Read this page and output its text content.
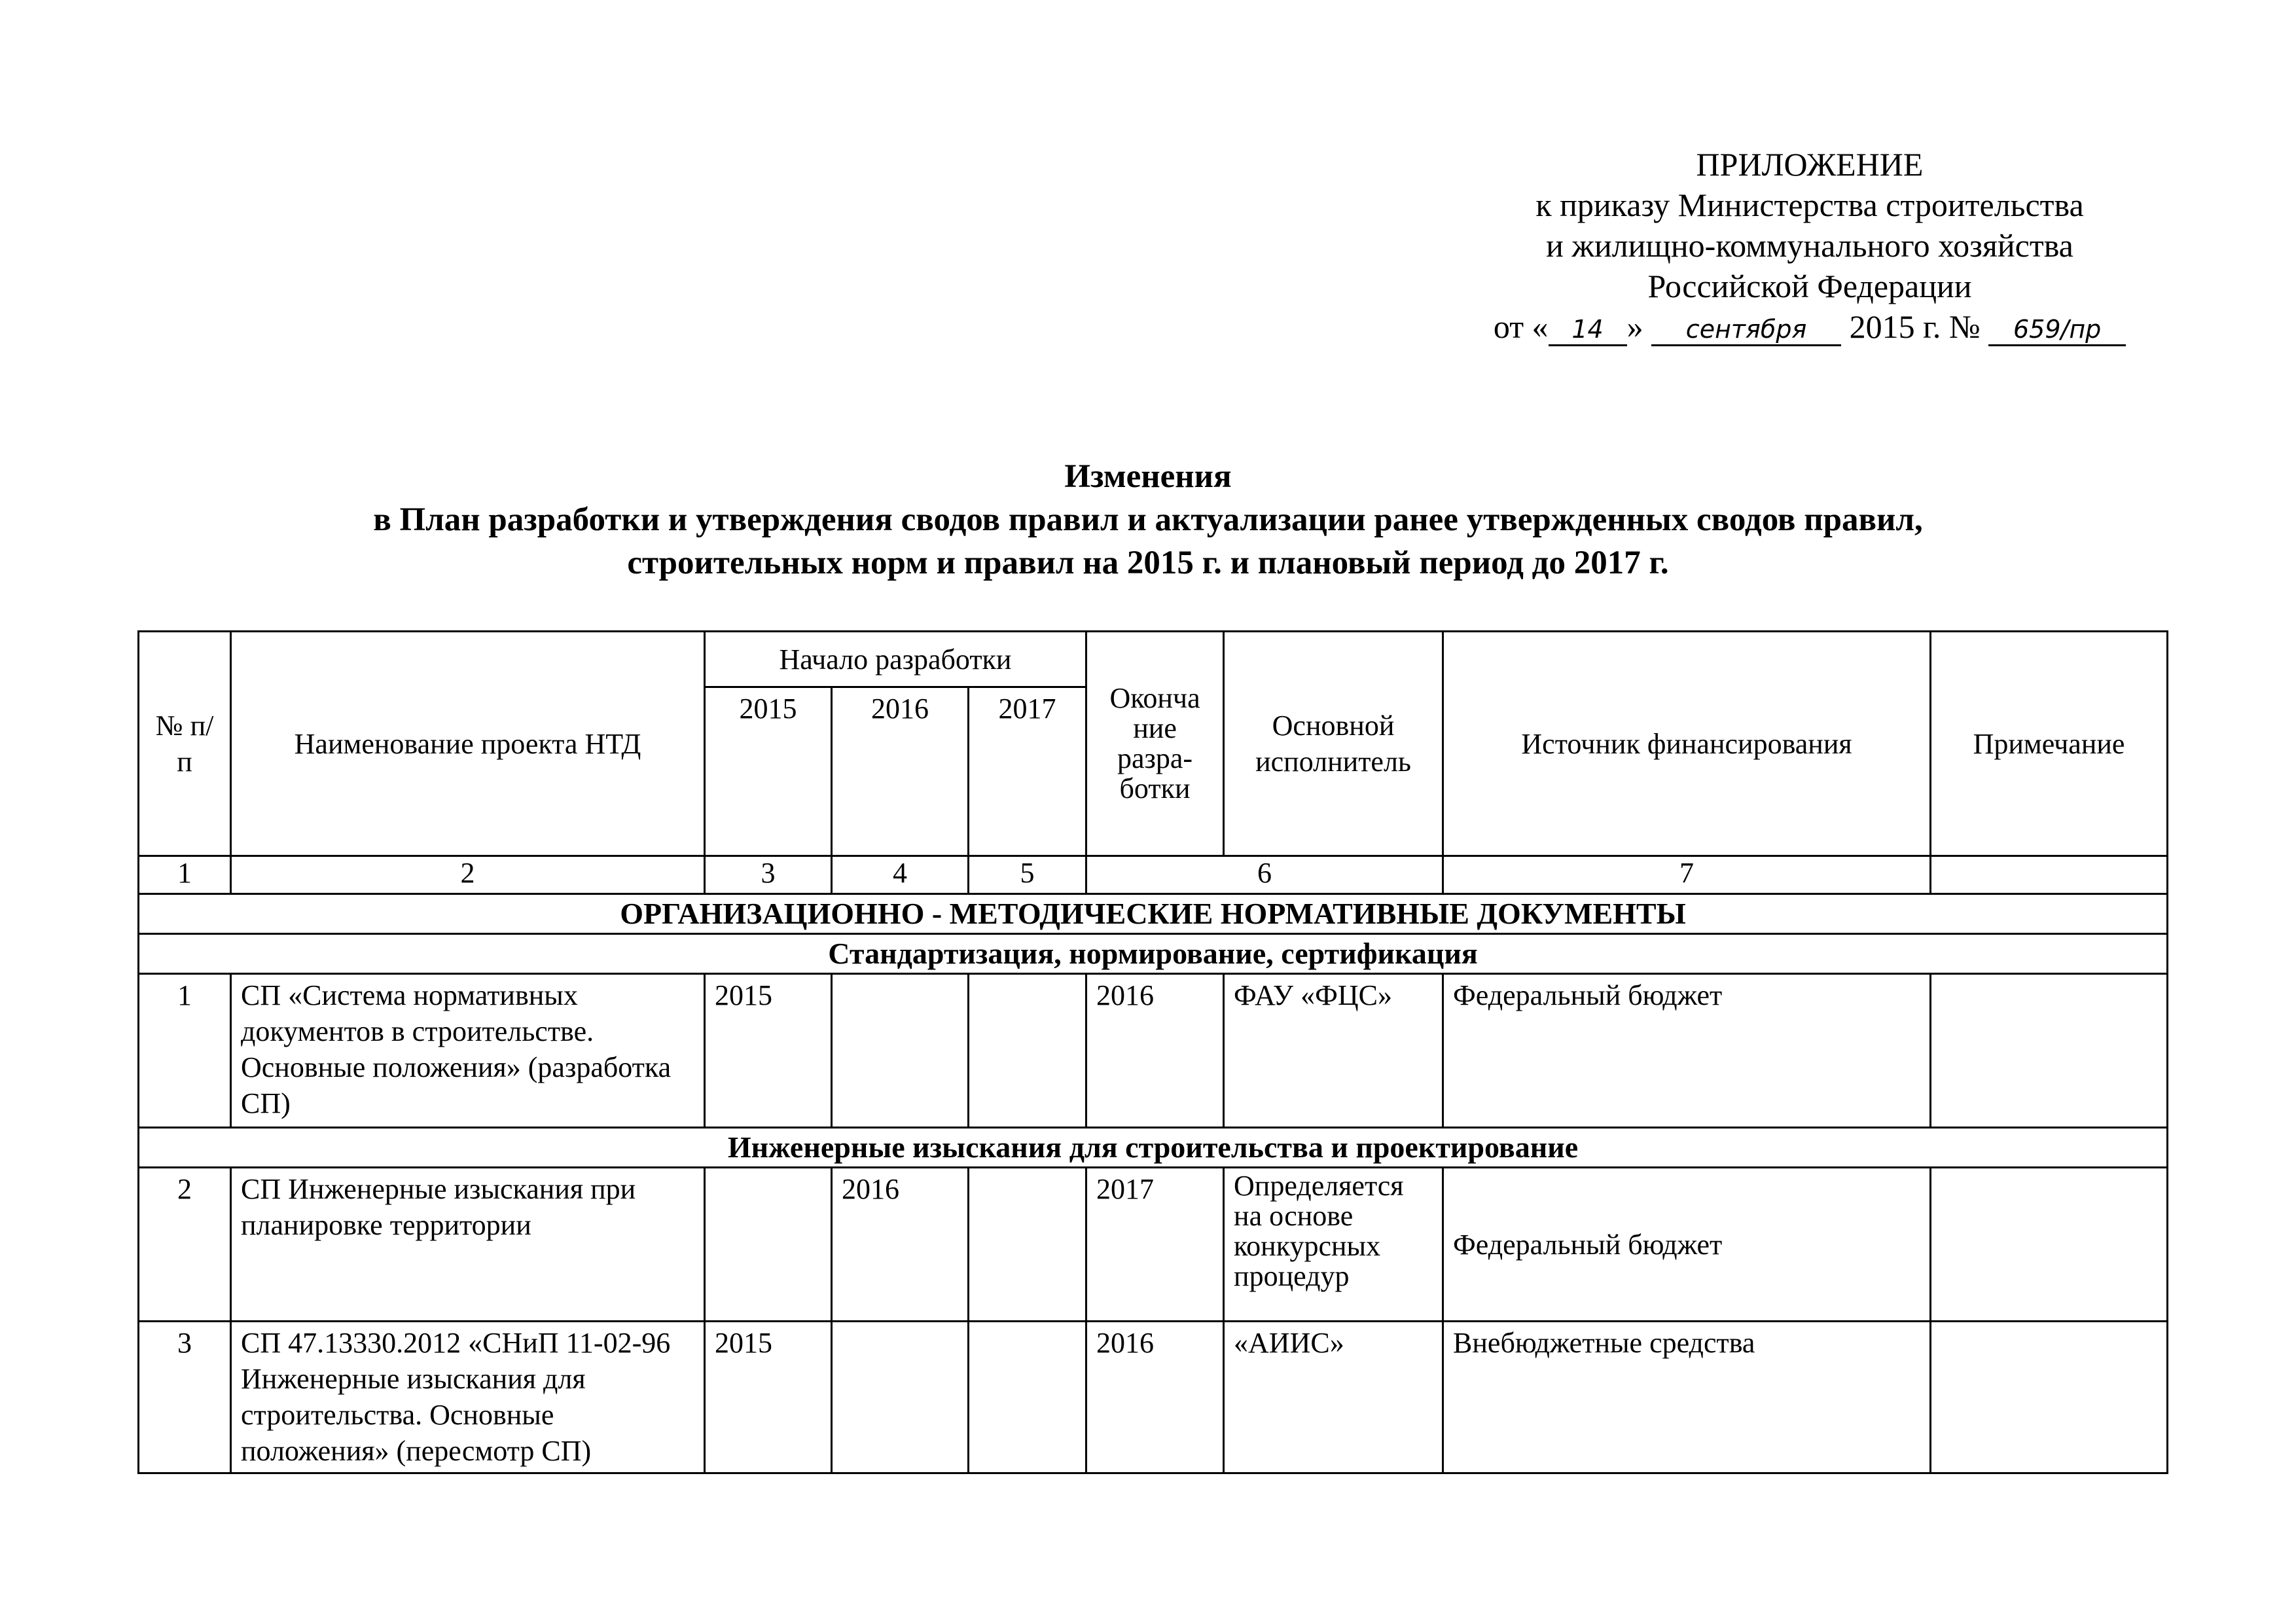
ПРИЛОЖЕНИЕ
к приказу Министерства строительства
и жилищно-коммунального хозяйства
Российской Федерации
от « 14 » сентября 2015 г. № 659/пр
Изменения
в План разработки и утверждения сводов правил и актуализации ранее утвержденных сводов правил,
строительных норм и правил на 2015 г. и плановый период до 2017 г.
№ п/п	Наименование проекта НТД	Начало разработки			Оконча ние разра- ботки	Основной исполнитель	Источник финансирования	Примечание
		2015	2016	2017				
1	2	3	4	5	6		7	
ОРГАНИЗАЦИОННО - МЕТОДИЧЕСКИЕ НОРМАТИВНЫЕ ДОКУМЕНТЫ								
Стандартизация, нормирование, сертификация								
1	СП «Система нормативных документов в строительстве. Основные положения» (разработка СП)	2015			2016	ФАУ «ФЦС»	Федеральный бюджет	
Инженерные изыскания для строительства и проектирование								
2	СП Инженерные изыскания при планировке территории		2016		2017	Определяется на основе конкурсных процедур	Федеральный бюджет	
3	СП 47.13330.2012 «СНиП 11-02-96 Инженерные изыскания для строительства. Основные положения» (пересмотр СП)	2015			2016	«АИИС»	Внебюджетные средства	
